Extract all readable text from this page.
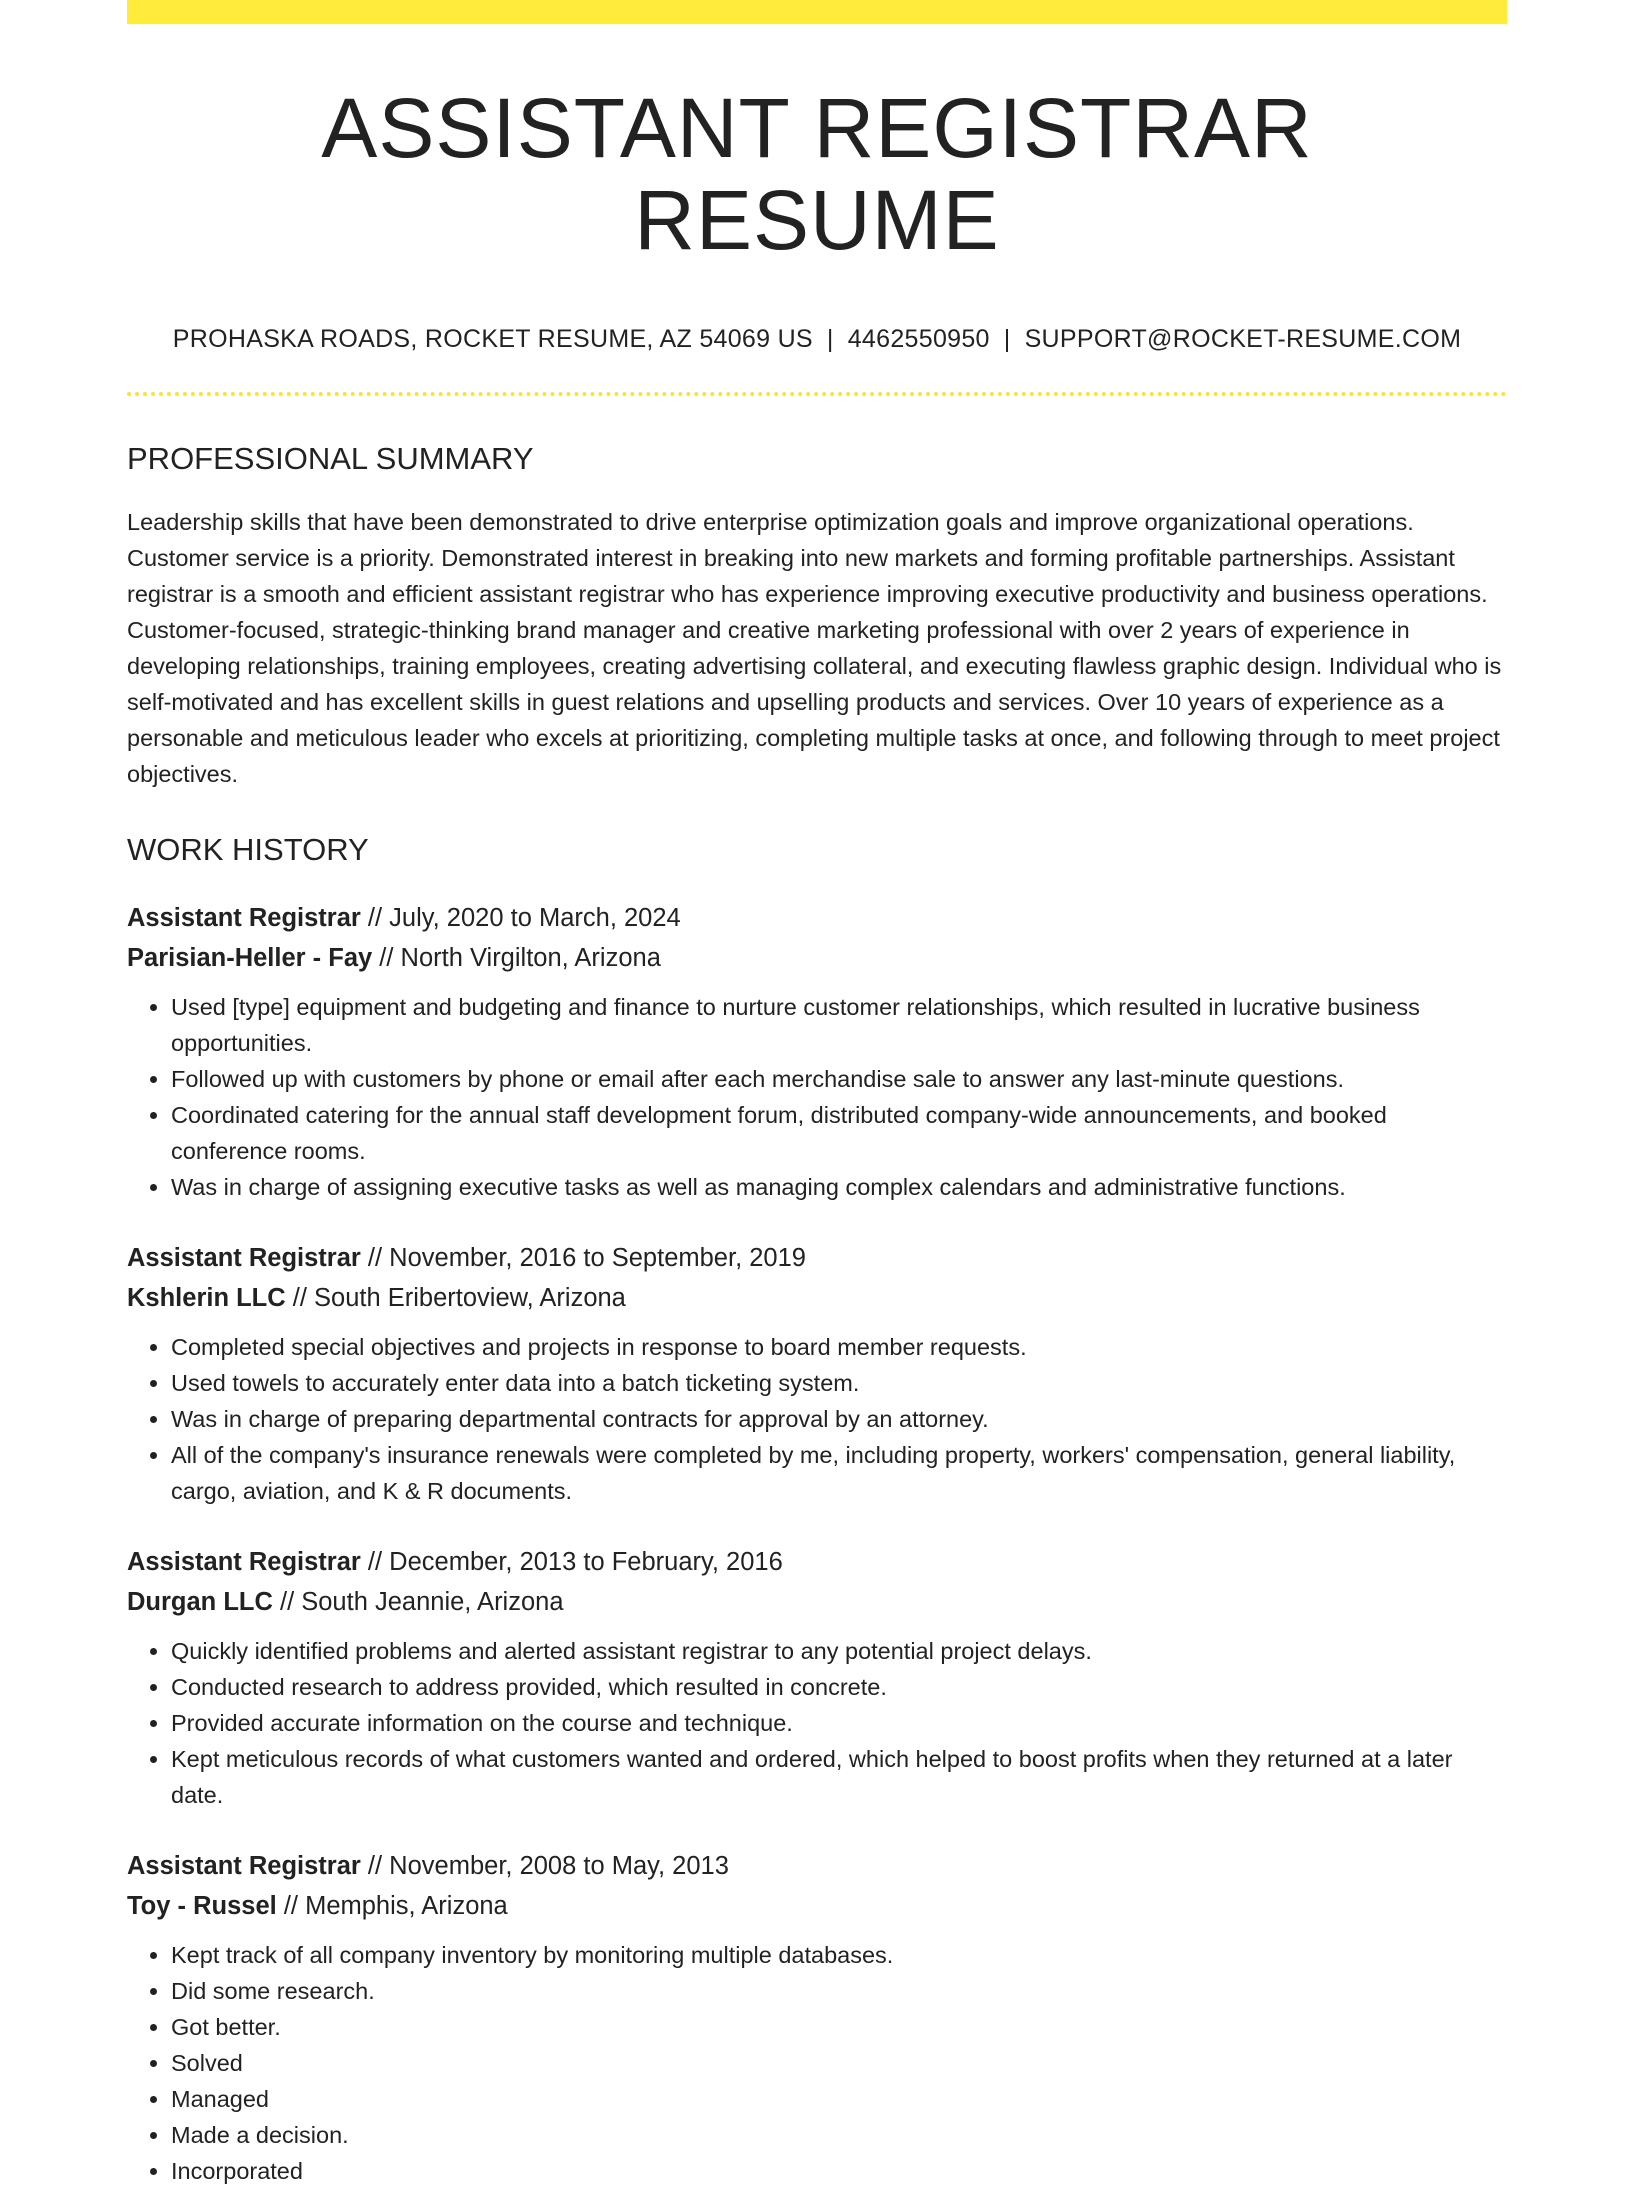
ASSISTANT REGISTRAR RESUME
PROHASKA ROADS, ROCKET RESUME, AZ 54069 US | 4462550950 | SUPPORT@ROCKET-RESUME.COM
PROFESSIONAL SUMMARY
Leadership skills that have been demonstrated to drive enterprise optimization goals and improve organizational operations. Customer service is a priority. Demonstrated interest in breaking into new markets and forming profitable partnerships. Assistant registrar is a smooth and efficient assistant registrar who has experience improving executive productivity and business operations. Customer-focused, strategic-thinking brand manager and creative marketing professional with over 2 years of experience in developing relationships, training employees, creating advertising collateral, and executing flawless graphic design. Individual who is self-motivated and has excellent skills in guest relations and upselling products and services. Over 10 years of experience as a personable and meticulous leader who excels at prioritizing, completing multiple tasks at once, and following through to meet project objectives.
WORK HISTORY
Assistant Registrar // July, 2020 to March, 2024
Parisian-Heller - Fay // North Virgilton, Arizona
• Used [type] equipment and budgeting and finance to nurture customer relationships, which resulted in lucrative business opportunities.
• Followed up with customers by phone or email after each merchandise sale to answer any last-minute questions.
• Coordinated catering for the annual staff development forum, distributed company-wide announcements, and booked conference rooms.
• Was in charge of assigning executive tasks as well as managing complex calendars and administrative functions.
Assistant Registrar // November, 2016 to September, 2019
Kshlerin LLC // South Eribertoview, Arizona
• Completed special objectives and projects in response to board member requests.
• Used towels to accurately enter data into a batch ticketing system.
• Was in charge of preparing departmental contracts for approval by an attorney.
• All of the company's insurance renewals were completed by me, including property, workers' compensation, general liability, cargo, aviation, and K & R documents.
Assistant Registrar // December, 2013 to February, 2016
Durgan LLC // South Jeannie, Arizona
• Quickly identified problems and alerted assistant registrar to any potential project delays.
• Conducted research to address provided, which resulted in concrete.
• Provided accurate information on the course and technique.
• Kept meticulous records of what customers wanted and ordered, which helped to boost profits when they returned at a later date.
Assistant Registrar // November, 2008 to May, 2013
Toy - Russel // Memphis, Arizona
• Kept track of all company inventory by monitoring multiple databases.
• Did some research.
• Got better.
• Solved
• Managed
• Made a decision.
• Incorporated
